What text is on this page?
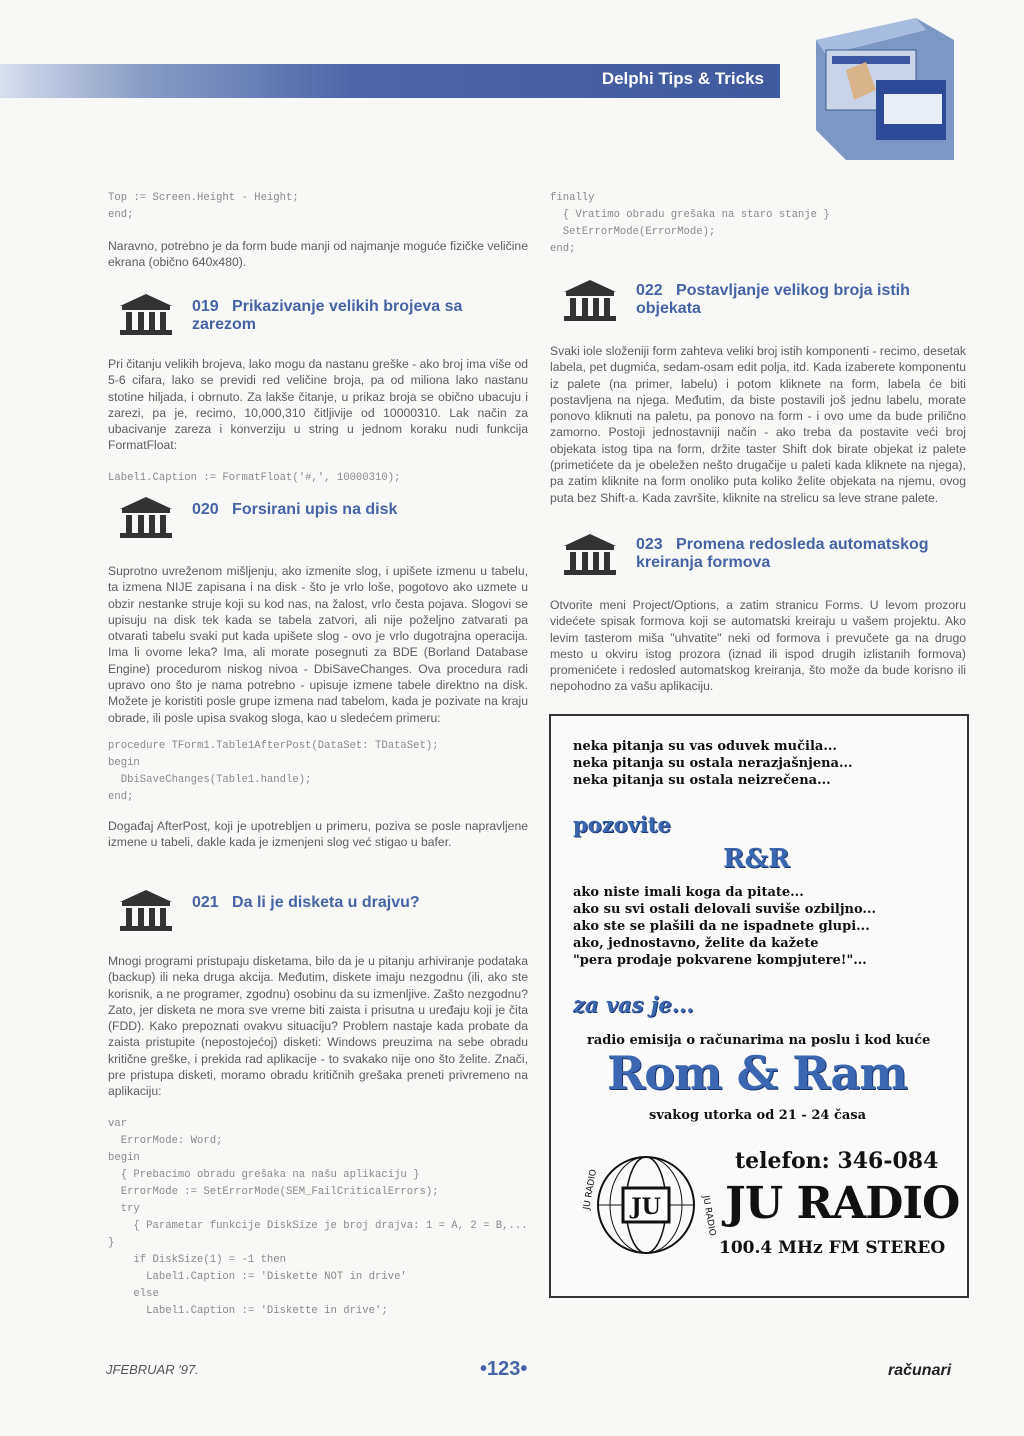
Delphi Tips & Tricks
Top := Screen.Height - Height;
end;

Naravno, potrebno je da form bude manji od najmanje moguće fizičke veličine ekrana (obično 640x480).

019 Prikazivanje velikih brojeva sa zarezom

Pri čitanju velikih brojeva, lako mogu da nastanu greške - ako broj ima više od 5-6 cifara, lako se previdi red veličine broja, pa od miliona lako nastanu stotine hiljada, i obrnuto. Za lakše čitanje, u prikaz broja se obično ubacuju i zarezi, pa je, recimo, 10,000,310 čitljivije od 10000310. Lak način za ubacivanje zareza i konverziju u string u jednom koraku nudi funkcija FormatFloat:

Label1.Caption := FormatFloat('#,', 10000310);
020 Forsirani upis na disk

Suprotno uvreženom mišljenju, ako izmenite slog, i upišete izmenu u tabelu, ta izmena NIJE zapisana i na disk - što je vrlo loše, pogotovo ako uzmete u obzir nestanke struje koji su kod nas, na žalost, vrlo česta pojava. Slogovi se upisuju na disk tek kada se tabela zatvori, ali nije poželjno zatvarati pa otvarati tabelu svaki put kada upišete slog - ovo je vrlo dugotrajna operacija. Ima li ovome leka? Ima, ali morate posegnuti za BDE (Borland Database Engine) procedurom niskog nivoa - DbiSaveChanges. Ova procedura radi upravo ono što je nama potrebno - upisuje izmene tabele direktno na disk. Možete je koristiti posle grupe izmena nad tabelom, kada je pozivate na kraju obrade, ili posle upisa svakog sloga, kao u sledećem primeru:

procedure TForm1.Table1AfterPost(DataSet: TDataSet);
begin
DbiSaveChanges(Table1.handle);
end;

Događaj AfterPost, koji je upotrebljen u primeru, poziva se posle napravljene izmene u tabeli, dakle kada je izmenjeni slog već stigao u bafer.

021 Da li je disketa u drajvu?

Mnogi programi pristupaju disketama, bilo da je u pitanju arhiviranje podataka (backup) ili neka druga akcija. Međutim, diskete imaju nezgodnu (ili, ako ste korisnik, a ne programer, zgodnu) osobinu da su izmenljive. Zašto nezgodnu? Zato, jer disketa ne mora sve vreme biti zaista i prisutna u uređaju koji je čita (FDD). Kako prepoznati ovakvu situaciju? Problem nastaje kada probate da zaista pristupite (nepostojećoj) disketi: Windows preuzima na sebe obradu kritične greške, i prekida rad aplikacije - to svakako nije ono što želite. Znači, pre pristupa disketi, moramo obradu kritičnih grešaka preneti privremeno na aplikaciju:

var
ErrorMode: Word;
begin
{ Prebacimo obradu grešaka na našu aplikaciju }
ErrorMode := SetErrorMode(SEM_FailCriticalErrors);
try
{ Parametar funkcije DiskSize je broj drajva: 1 = A, 2 = B,...
}
if DiskSize(1) = -1 then
Label1.Caption := 'Diskette NOT in drive'
else
Label1.Caption := 'Diskette in drive';
finally
{ Vratimo obradu grešaka na staro stanje }
SetErrorMode(ErrorMode);
end;
022 Postavljanje velikog broja istih objekata

Svaki iole složeniji form zahteva veliki broj istih komponenti - recimo, desetak labela, pet dugmića, sedam-osam edit polja, itd. Kada izaberete komponentu iz palete (na primer, labelu) i potom kliknete na form, labela će biti postavljena na njega. Međutim, da biste postavili još jednu labelu, morate ponovo kliknuti na paletu, pa ponovo na form - i ovo ume da bude prilično zamorno. Postoji jednostavniji način - ako treba da postavite veći broj objekata istog tipa na form, držite taster Shift dok birate objekat iz palete (primetićete da je obeležen nešto drugačije u paleti kada kliknete na njega), pa zatim kliknite na form onoliko puta koliko želite objekata na njemu, ovog puta bez Shift-a. Kada završite, kliknite na strelicu sa leve strane palete.

023 Promena redosleda automatskog kreiranja formova

Otvorite meni Project/Options, a zatim stranicu Forms. U levom prozoru videćete spisak formova koji se automatski kreiraju u vašem projektu. Ako levim tasterom miša "uhvatite" neki od formova i prevučete ga na drugo mesto u okviru istog prozora (iznad ili ispod drugih izlistanih formova) promenićete i redosled automatskog kreiranja, što može da bude korisno ili nepohodno za vašu aplikaciju.

neka pitanja su vas oduvek mučila...
neka pitanja su ostala nerazjašnjena...
neka pitanja su ostala neizrečena...
pozovite
R&R
ako niste imali koga da pitate...
ako su svi ostali delovali suviše ozbiljno...
ako ste se plašili da ne ispadnete glupi...
ako, jednostavno, želite da kažete
"pera prodaje pokvarene kompjutere!"...
za vas je...
radio emisija o računarima na poslu i kod kuće
Rom & Ram
svakog utorka od 21 - 24 časa
JU
JU RADIO
JU RADIO
telefon: 346-084
JU RADIO
100.4 MHz FM STEREO
JFEBRUAR '97.	•123•	računari
